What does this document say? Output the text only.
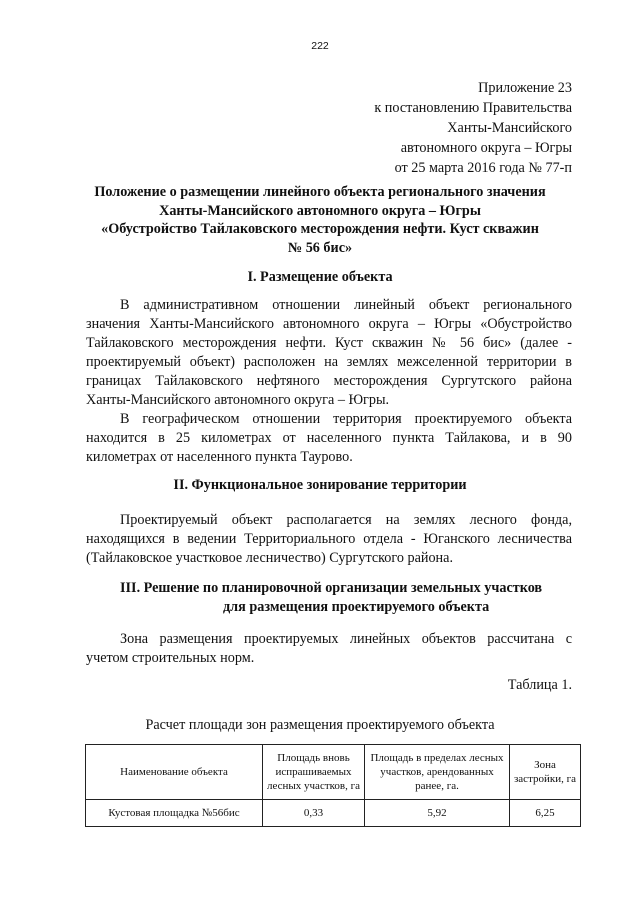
222
Приложение 23
к постановлению Правительства
Ханты-Мансийского
автономного округа – Югры
от 25 марта 2016 года № 77-п
Положение о размещении линейного объекта регионального значения
Ханты-Мансийского автономного округа – Югры
«Обустройство Тайлаковского месторождения нефти. Куст скважин
№ 56 бис»
I. Размещение объекта
В административном отношении линейный объект регионального
значения Ханты-Мансийского автономного округа – Югры «Обустройство
Тайлаковского месторождения нефти. Куст скважин № 56 бис» (далее -
проектируемый объект) расположен на землях межселенной территории в
границах Тайлаковского нефтяного месторождения Сургутского района
Ханты-Мансийского автономного округа – Югры.
В географическом отношении территория проектируемого объекта
находится в 25 километрах от населенного пункта Тайлакова, и в 90
километрах от населенного пункта Таурово.
II. Функциональное зонирование территории
Проектируемый объект располагается на землях лесного фонда,
находящихся в ведении Территориального отдела - Юганского лесничества
(Тайлаковское участковое лесничество) Сургутского района.
III. Решение по планировочной организации земельных участков
для размещения проектируемого объекта
Зона размещения проектируемых линейных объектов рассчитана с
учетом строительных норм.
Таблица 1.
Расчет площади зон размещения проектируемого объекта
Наименование объекта	Площадь вновь испрашиваемых лесных участков, га	Площадь в пределах лесных участков, арендованных ранее, га.	Зона застройки, га
Кустовая площадка №56бис	0,33	5,92	6,25
